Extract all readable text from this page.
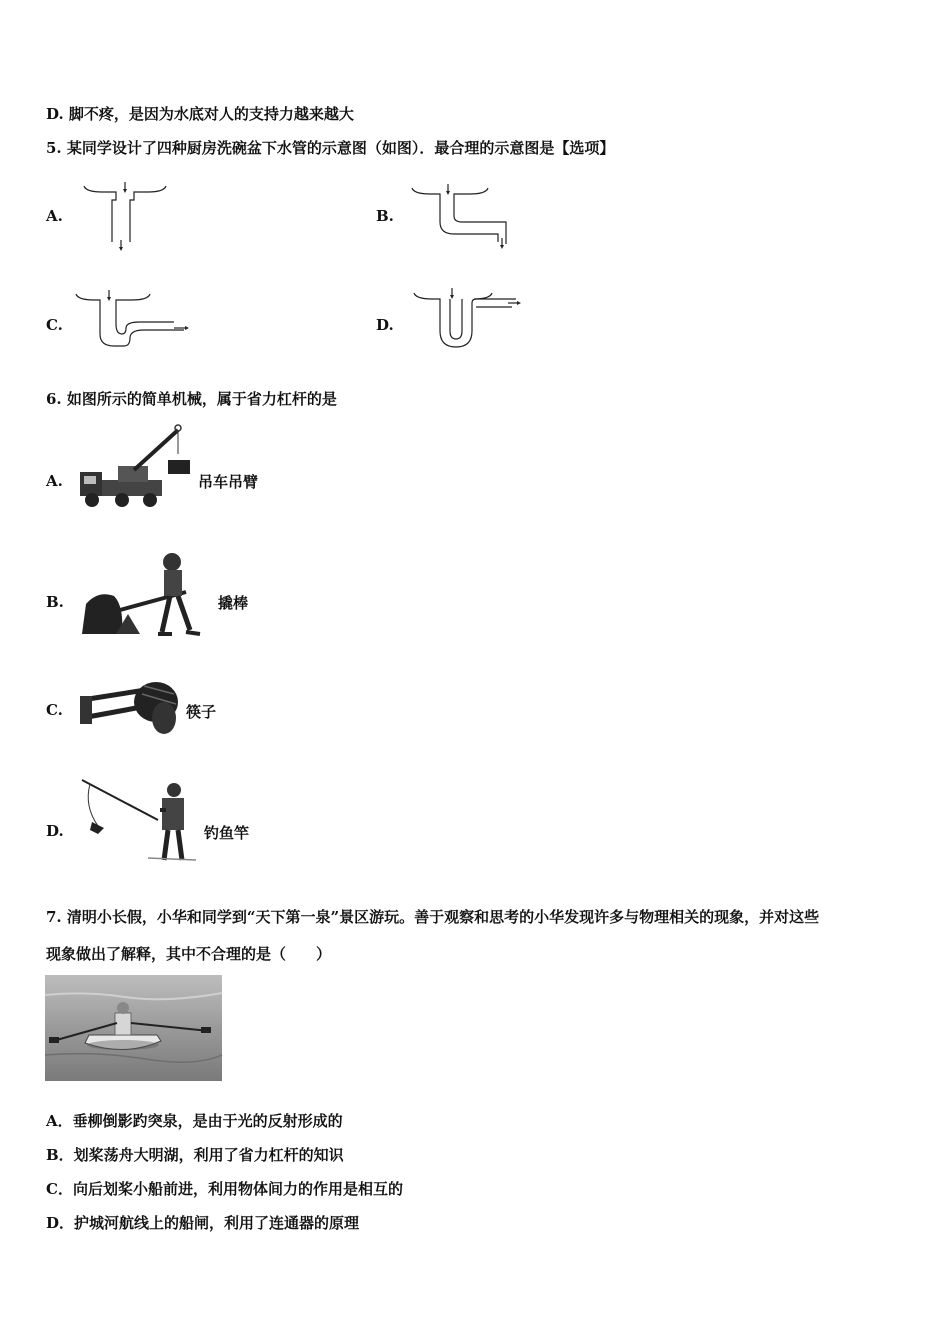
D. 脚不疼，是因为水底对人的支持力越来越大
5. 某同学设计了四种厨房洗碗盆下水管的示意图（如图）．最合理的示意图是【选项】
A.	B.
C.	D.
6. 如图所示的简单机械，属于省力杠杆的是
A.	吊车吊臂
B.	撬棒
C.	筷子
D.	钓鱼竿
7. 清明小长假，小华和同学到“天下第一泉”景区游玩。善于观察和思考的小华发现许多与物理相关的现象，并对这些
现象做出了解释，其中不合理的是（　　）
A．垂柳倒影趵突泉，是由于光的反射形成的
B．划桨荡舟大明湖，利用了省力杠杆的知识
C．向后划桨小船前进，利用物体间力的作用是相互的
D．护城河航线上的船闸，利用了连通器的原理
